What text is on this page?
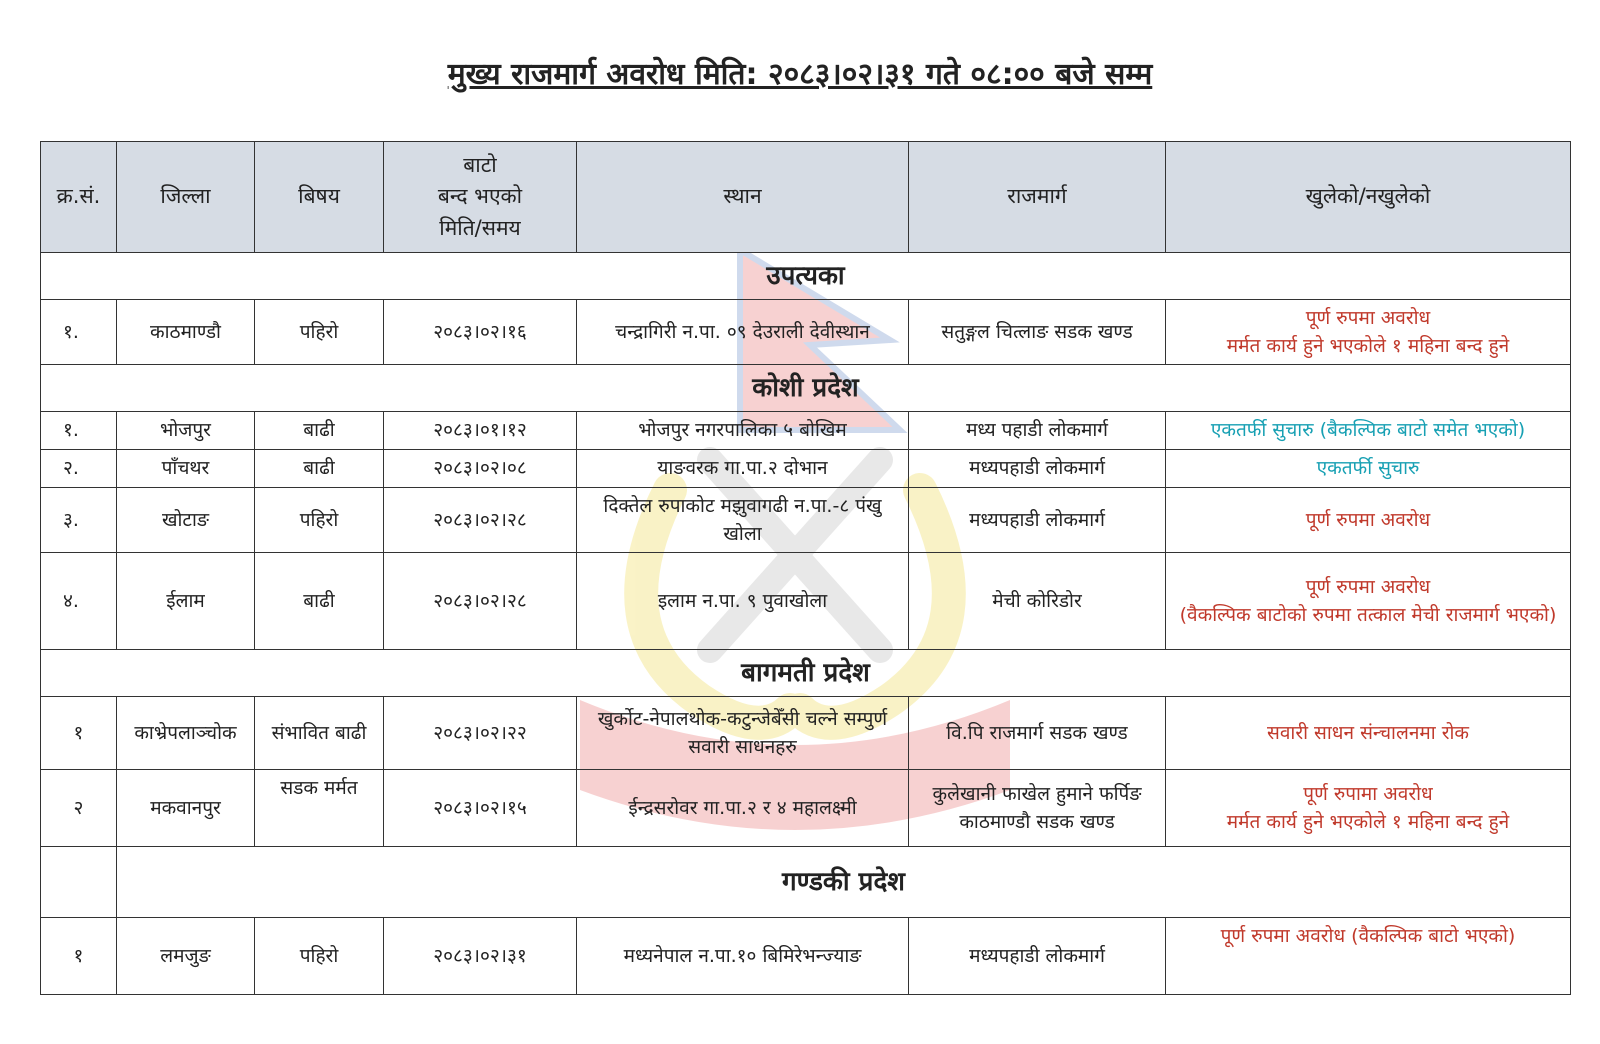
मुख्य राजमार्ग अवरोध मिति: २०८३।०२।३१ गते ०८:०० बजे सम्म
क्र.सं.	जिल्ला	बिषय	बाटो
बन्द भएको
मिति/समय	स्थान	राजमार्ग	खुलेको/नखुलेको
उपत्यका						
१.	काठमाण्डौ	पहिरो	२०८३।०२।१६	चन्द्रागिरी न.पा. ०९ देउराली देवीस्थान	सतुङ्गल चित्लाङ सडक खण्ड	पूर्ण रुपमा अवरोध
मर्मत कार्य हुने भएकोले १ महिना बन्द हुने

कोशी प्रदेश						
१.	भोजपुर	बाढी	२०८३।०१।१२	भोजपुर नगरपालिका ५ बोखिम	मध्य पहाडी लोकमार्ग	एकतर्फी सुचारु (बैकल्पिक बाटो समेत भएको)
२.	पाँचथर	बाढी	२०८३।०२।०८	याङवरक गा.पा.२ दोभान	मध्यपहाडी लोकमार्ग	एकतर्फी सुचारु
३.	खोटाङ	पहिरो	२०८३।०२।२८	दिक्तेल रुपाकोट मझुवागढी न.पा.-८ पंखु खोला	मध्यपहाडी लोकमार्ग	पूर्ण रुपमा अवरोध
४.	ईलाम	बाढी	२०८३।०२।२८	इलाम न.पा. ९ पुवाखोला	मेची कोरिडोर	पूर्ण रुपमा अवरोध
(वैकल्पिक बाटोको रुपमा तत्काल मेची राजमार्ग भएको)

बागमती प्रदेश						
१	काभ्रेपलाञ्चोक	संभावित बाढी	२०८३।०२।२२	खुर्कोट-नेपालथोक-कटुन्जेबेँसी चल्ने सम्पुर्ण सवारी साधनहरु	वि.पि राजमार्ग सडक खण्ड	सवारी साधन संन्चालनमा रोक
२	मकवानपुर	सडक मर्मत	२०८३।०२।१५	ईन्द्रसरोवर गा.पा.२ र ४ महालक्ष्मी	कुलेखानी फाखेल हुमाने फर्पिङ काठमाण्डौ सडक खण्ड	पूर्ण रुपामा अवरोध
मर्मत कार्य हुने भएकोले १ महिना बन्द हुने

	गण्डकी प्रदेश					
१	लमजुङ	पहिरो	२०८३।०२।३१	मध्यनेपाल न.पा.१० बिमिरेभन्ज्याङ	मध्यपहाडी लोकमार्ग	पूर्ण रुपमा अवरोध (वैकल्पिक बाटो भएको)
